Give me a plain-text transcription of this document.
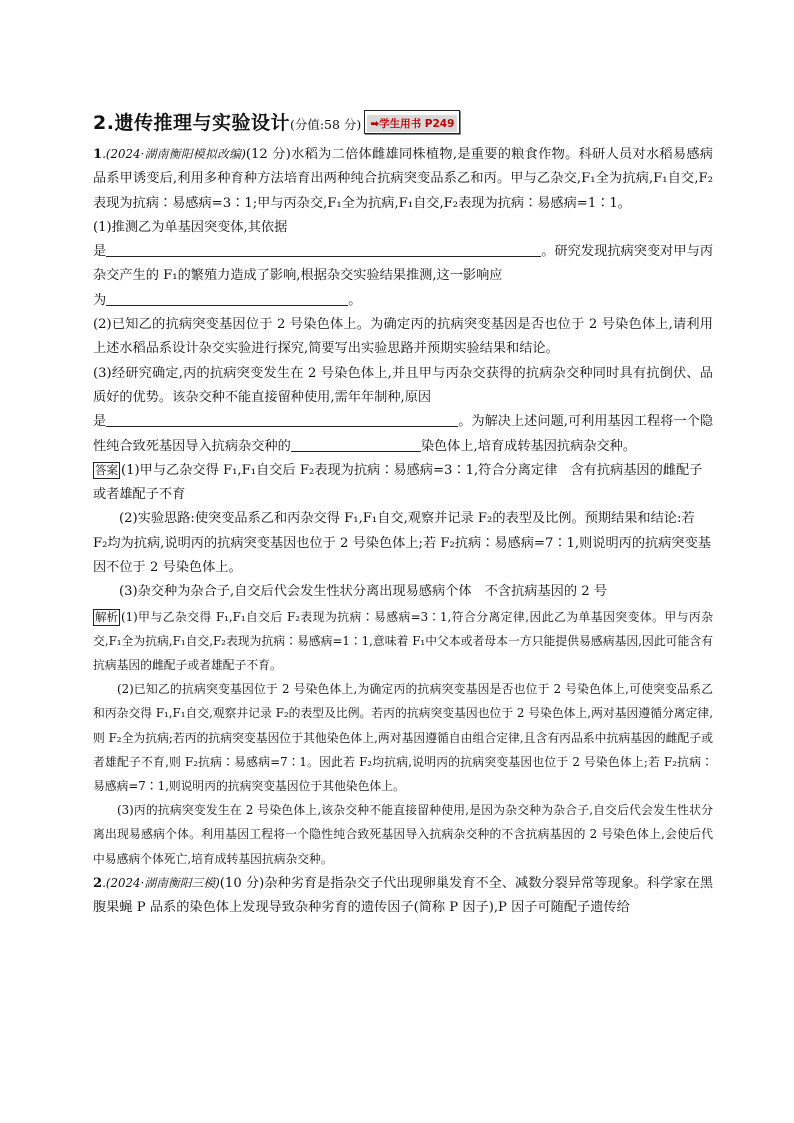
2.遗传推理与实验设计(分值:58 分) ➡学生用书 P249

1.(2024·湖南衡阳模拟改编)(12 分)水稻为二倍体雌雄同株植物,是重要的粮食作物。科研人员对水稻易感病品系甲诱变后,利用多种育种方法培育出两种纯合抗病突变品系乙和丙。甲与乙杂交,F₁全为抗病,F₁自交,F₂表现为抗病∶易感病=3∶1;甲与丙杂交,F₁全为抗病,F₁自交,F₂表现为抗病∶易感病=1∶1。

(1)推测乙为单基因突变体,其依据

是	。研究发现抗病突变对甲与丙杂交产生的 F₁的繁殖力造成了影响,根据杂交实验结果推测,这一影响应
为	。

(2)已知乙的抗病突变基因位于 2 号染色体上。为确定丙的抗病突变基因是否也位于 2 号染色体上,请利用上述水稻品系设计杂交实验进行探究,简要写出实验思路并预期实验结果和结论。

(3)经研究确定,丙的抗病突变发生在 2 号染色体上,并且甲与丙杂交获得的抗病杂交种同时具有抗倒伏、品质好的优势。该杂交种不能直接留种使用,需年年制种,原因
是	。为解决上述问题,可利用基因工程将一个隐性纯合致死基因导入抗病杂交种的	染色体上,培育成转基因抗病杂交种。

答案 (1)甲与乙杂交得 F₁,F₁自交后 F₂表现为抗病∶易感病=3∶1,符合分离定律　含有抗病基因的雌配子或者雄配子不育

(2)实验思路:使突变品系乙和丙杂交得 F₁,F₁自交,观察并记录 F₂的表型及比例。预期结果和结论:若 F₂均为抗病,说明丙的抗病突变基因也位于 2 号染色体上;若 F₂抗病∶易感病=7∶1,则说明丙的抗病突变基因不位于 2 号染色体上。

(3)杂交种为杂合子,自交后代会发生性状分离出现易感病个体　不含抗病基因的 2 号

解析 (1)甲与乙杂交得 F₁,F₁自交后 F₂表现为抗病∶易感病=3∶1,符合分离定律,因此乙为单基因突变体。甲与丙杂交,F₁全为抗病,F₁自交,F₂表现为抗病∶易感病=1∶1,意味着 F₁中父本或者母本一方只能提供易感病基因,因此可能含有抗病基因的雌配子或者雄配子不育。

(2)已知乙的抗病突变基因位于 2 号染色体上,为确定丙的抗病突变基因是否也位于 2 号染色体上,可使突变品系乙和丙杂交得 F₁,F₁自交,观察并记录 F₂的表型及比例。若丙的抗病突变基因也位于 2 号染色体上,两对基因遵循分离定律,则 F₂全为抗病;若丙的抗病突变基因位于其他染色体上,两对基因遵循自由组合定律,且含有丙品系中抗病基因的雌配子或者雄配子不育,则 F₂抗病∶易感病=7∶1。因此若 F₂均抗病,说明丙的抗病突变基因也位于 2 号染色体上;若 F₂抗病∶易感病=7∶1,则说明丙的抗病突变基因位于其他染色体上。

(3)丙的抗病突变发生在 2 号染色体上,该杂交种不能直接留种使用,是因为杂交种为杂合子,自交后代会发生性状分离出现易感病个体。利用基因工程将一个隐性纯合致死基因导入抗病杂交种的不含抗病基因的 2 号染色体上,会使后代中易感病个体死亡,培育成转基因抗病杂交种。

2.(2024·湖南衡阳三模)(10 分)杂种劣育是指杂交子代出现卵巢发育不全、减数分裂异常等现象。科学家在黑腹果蝇 P 品系的染色体上发现导致杂种劣育的遗传因子(简称 P 因子),P 因子可随配子遗传给
